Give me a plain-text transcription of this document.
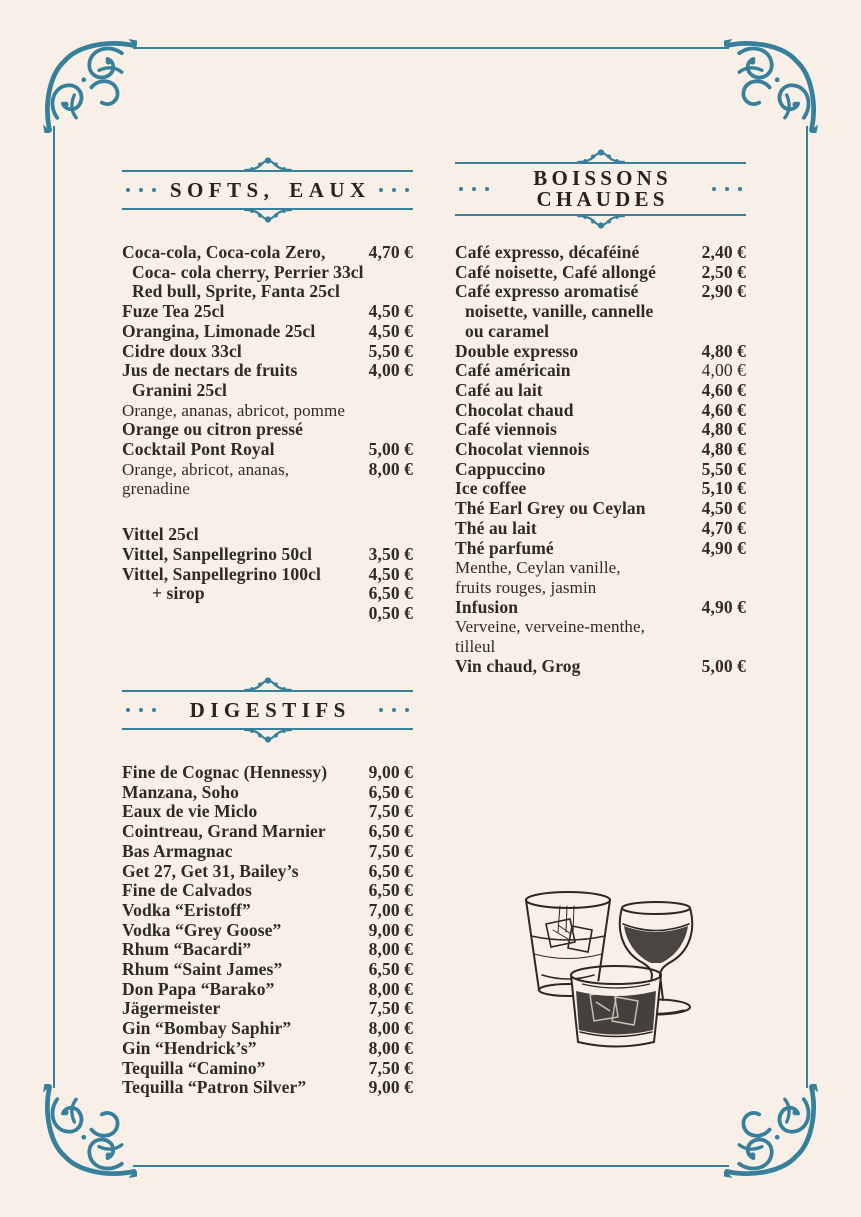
SOFTS, EAUX	BOISSONS
CHAUDES
DIGESTIFS
Coca-cola, Coca-cola Zero,	4,70 €
Coca- cola cherry, Perrier 33cl
Red bull, Sprite, Fanta 25cl
Fuze Tea 25cl	4,50 €
Orangina, Limonade 25cl	4,50 €
Cidre doux 33cl	5,50 €
Jus de nectars de fruits	4,00 €
Granini 25cl
Orange, ananas, abricot, pomme
Orange ou citron pressé
Cocktail Pont Royal	5,00 €
Orange, abricot, ananas,	8,00 €
grenadine
Vittel 25cl
Vittel, Sanpellegrino 50cl	3,50 €
Vittel, Sanpellegrino 100cl	4,50 €
+ sirop	6,50 €
0,50 €
Café expresso, décaféiné	2,40 €
Café noisette, Café allongé	2,50 €
Café expresso aromatisé	2,90 €
noisette, vanille, cannelle
ou caramel
Double expresso	4,80 €
Café américain	4,00 €
Café au lait	4,60 €
Chocolat chaud	4,60 €
Café viennois	4,80 €
Chocolat viennois	4,80 €
Cappuccino	5,50 €
Ice coffee	5,10 €
Thé Earl Grey ou Ceylan	4,50 €
Thé au lait	4,70 €
Thé parfumé	4,90 €
Menthe, Ceylan vanille,
fruits rouges, jasmin
Infusion	4,90 €
Verveine, verveine-menthe,
tilleul
Vin chaud, Grog	5,00 €
Fine de Cognac (Hennessy)	9,00 €
Manzana, Soho	6,50 €
Eaux de vie Miclo	7,50 €
Cointreau, Grand Marnier	6,50 €
Bas Armagnac	7,50 €
Get 27, Get 31, Bailey’s	6,50 €
Fine de Calvados	6,50 €
Vodka “Eristoff”	7,00 €
Vodka “Grey Goose”	9,00 €
Rhum “Bacardi”	8,00 €
Rhum “Saint James”	6,50 €
Don Papa “Barako”	8,00 €
Jägermeister	7,50 €
Gin “Bombay Saphir”	8,00 €
Gin “Hendrick’s”	8,00 €
Tequilla “Camino”	7,50 €
Tequilla “Patron Silver”	9,00 €
